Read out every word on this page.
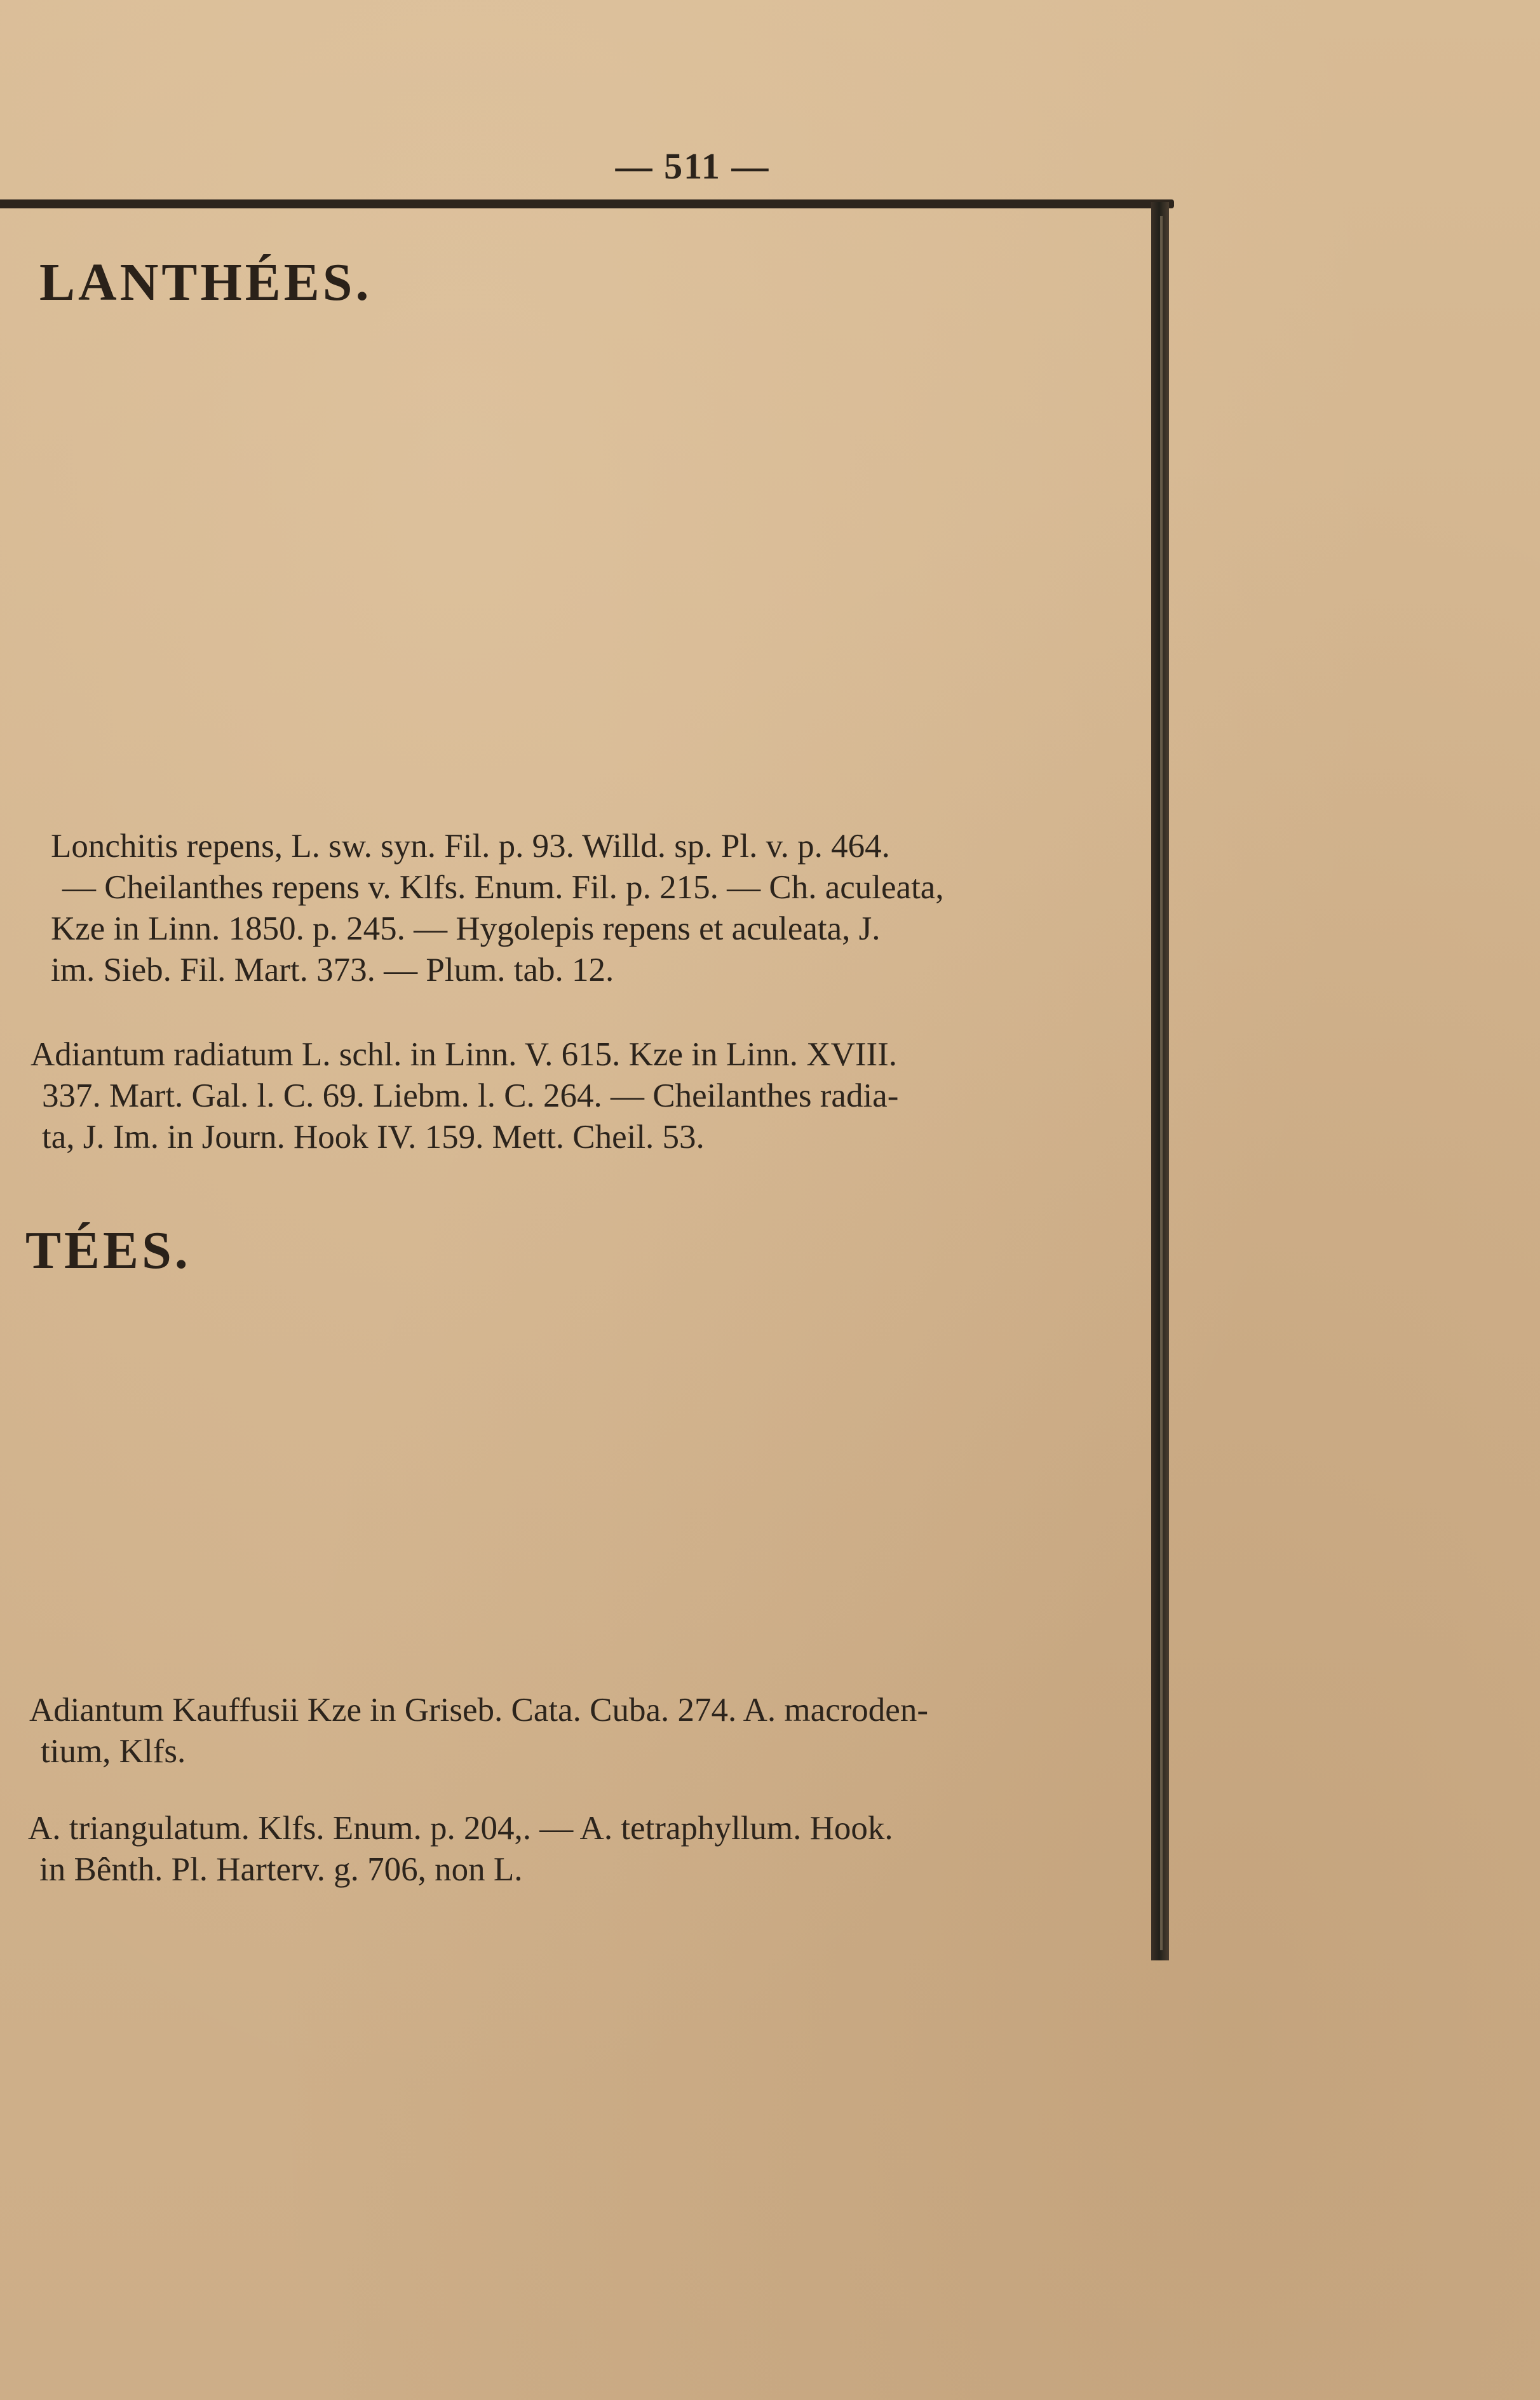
— 511 —
LANTHÉES.
Lonchitis repens, L. sw. syn. Fil. p. 93. Willd. sp. Pl. v. p. 464.
— Cheilanthes repens v. Klfs. Enum. Fil. p. 215. — Ch. aculeata,
Kze in Linn. 1850. p. 245. — Hygolepis repens et aculeata, J.
im. Sieb. Fil. Mart. 373. — Plum. tab. 12.
Adiantum radiatum L. schl. in Linn. V. 615. Kze in Linn. XVIII.
337. Mart. Gal. l. C. 69. Liebm. l. C. 264. — Cheilanthes radia-
ta, J. Im. in Journ. Hook IV. 159. Mett. Cheil. 53.
TÉES.
Adiantum Kauffusii Kze in Griseb. Cata. Cuba. 274. A. macroden-
tium, Klfs.
A. triangulatum. Klfs. Enum. p. 204,. — A. tetraphyllum. Hook.
in Bênth. Pl. Harterv. g. 706, non L.
